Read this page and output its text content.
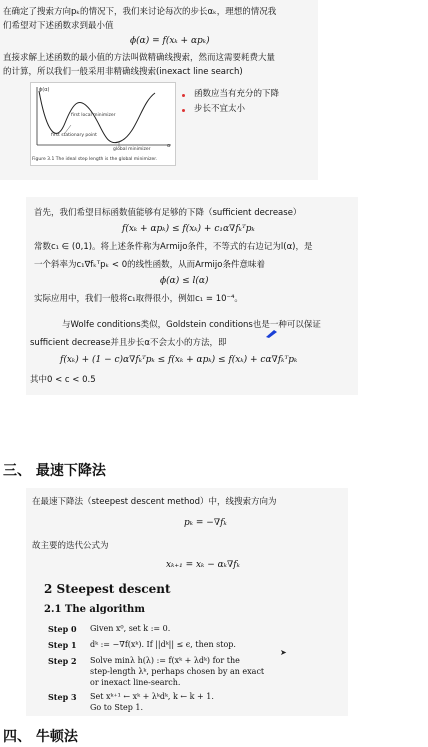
在确定了搜索方向pₖ的情况下，我们来讨论每次的步长αₖ，理想的情况我
们希望对下述函数求到最小值
ϕ(α) = f(xₖ + αpₖ)
直接求解上述函数的最小值的方法叫做精确线搜索，然而这需要耗费大量
的计算，所以我们一般采用非精确线搜索(inexact line search)
ϕ(α)
first local minimizer
first stationary point
global minimizer
α
Figure 3.1 The ideal step length is the global minimizer.
函数应当有充分的下降
步长不宜太小
首先，我们希望目标函数值能够有足够的下降（sufficient decrease）
f(xₖ + αpₖ) ≤ f(xₖ) + c₁α∇fₖᵀpₖ
常数c₁ ∈ (0,1)。将上述条件称为Armijo条件，不等式的右边记为l(α)，是
一个斜率为c₁∇fₖᵀpₖ < 0的线性函数，从而Armijo条件意味着
ϕ(α) ≤ l(α)
实际应用中，我们一般将c₁取得很小，例如c₁ = 10⁻⁴。
与Wolfe conditions类似，Goldstein conditions也是一种可以保证
sufficient decrease并且步长α不会太小的方法，即
f(xₖ) + (1 − c)α∇fₖᵀpₖ ≤ f(xₖ + αpₖ) ≤ f(xₖ) + cα∇fₖᵀpₖ
其中0 < c < 0.5
三、 最速下降法
在最速下降法（steepest descent method）中，线搜索方向为
pₖ = −∇fₖ
故主要的迭代公式为
xₖ₊₁ = xₖ − αₖ∇fₖ
2 Steepest descent
2.1 The algorithm
Step 0 Given x⁰, set k := 0.
Step 1 dᵏ := −∇f(xᵏ). If ||dᵏ|| ≤ ϵ, then stop.
Step 2 Solve minλ h(λ) := f(xᵏ + λdᵏ) for the
step-length λᵏ, perhaps chosen by an exact
or inexact line-search.
➤
Step 3 Set xᵏ⁺¹ ← xᵏ + λᵏdᵏ, k ← k + 1.
Go to Step 1.
四、 牛顿法
